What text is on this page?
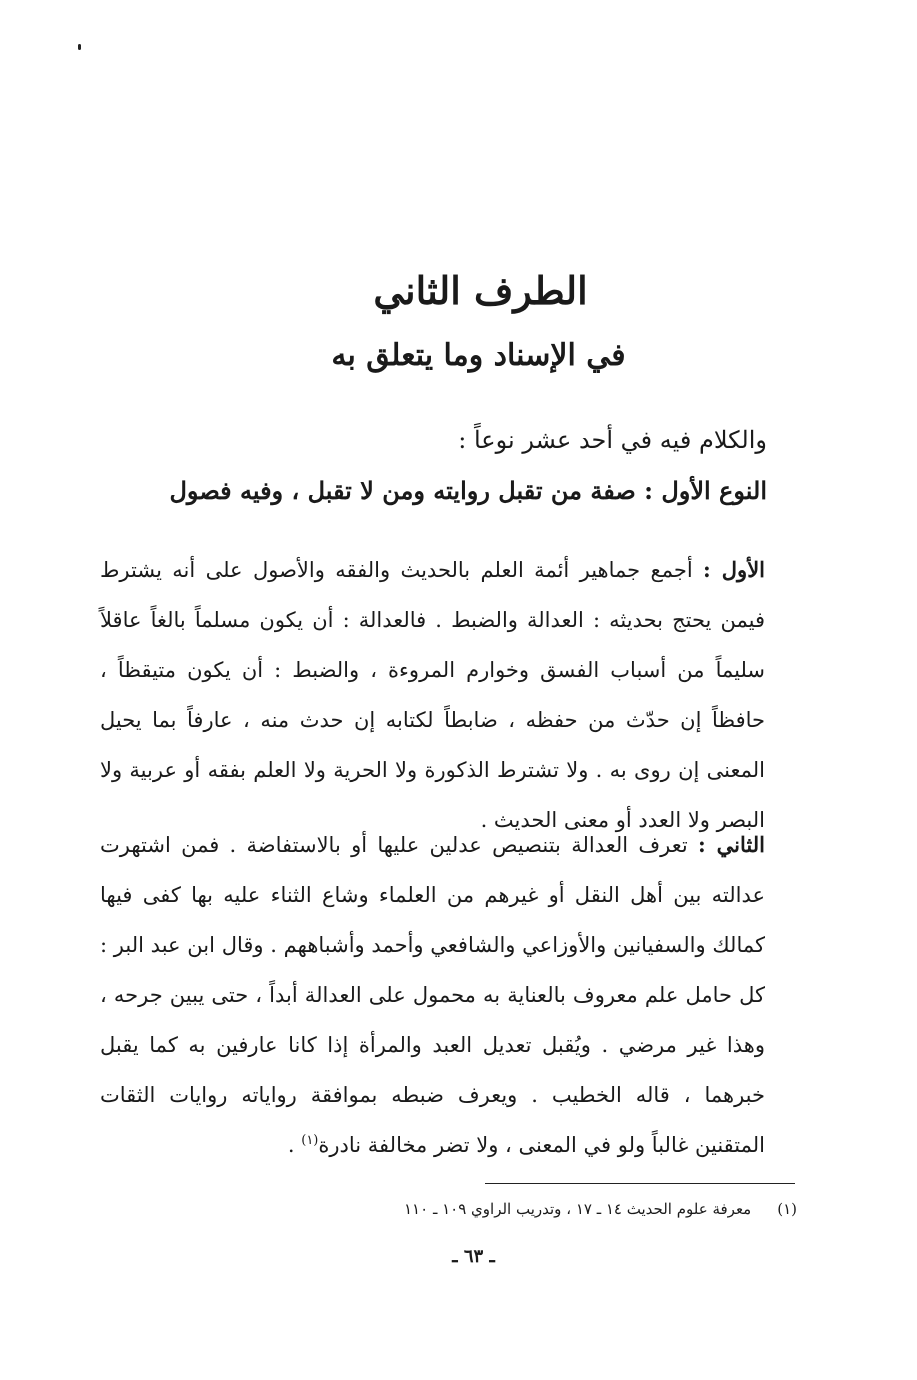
الطرف الثاني
في الإسناد وما يتعلق به
والكلام فيه في أحد عشر نوعاً :
النوع الأول : صفة من تقبل روايته ومن لا تقبل ، وفيه فصول

الأول : أجمع جماهير أئمة العلم بالحديث والفقه والأصول على أنه يشترط فيمن يحتج بحديثه : العدالة والضبط . فالعدالة : أن يكون مسلماً بالغاً عاقلاً سليماً من أسباب الفسق وخوارم المروءة ، والضبط : أن يكون متيقظاً ، حافظاً إن حدّث من حفظه ، ضابطاً لكتابه إن حدث منه ، عارفاً بما يحيل المعنى إن روى به . ولا تشترط الذكورة ولا الحرية ولا العلم بفقه أو عربية ولا البصر ولا العدد أو معنى الحديث .

الثاني : تعرف العدالة بتنصيص عدلين عليها أو بالاستفاضة . فمن اشتهرت عدالته بين أهل النقل أو غيرهم من العلماء وشاع الثناء عليه بها كفى فيها كمالك والسفيانين والأوزاعي والشافعي وأحمد وأشباههم . وقال ابن عبد البر : كل حامل علم معروف بالعناية به محمول على العدالة أبداً ، حتى يبين جرحه ، وهذا غير مرضي . ويُقبل تعديل العبد والمرأة إذا كانا عارفين به كما يقبل خبرهما ، قاله الخطيب . ويعرف ضبطه بموافقة رواياته روايات الثقات المتقنين غالباً ولو في المعنى ، ولا تضر مخالفة نادرة$^{(١)}$ .

(١)معرفة علوم الحديث ١٤ ـ ١٧ ، وتدريب الراوي ١٠٩ ـ ١١٠
ـ ٦٣ ـ
